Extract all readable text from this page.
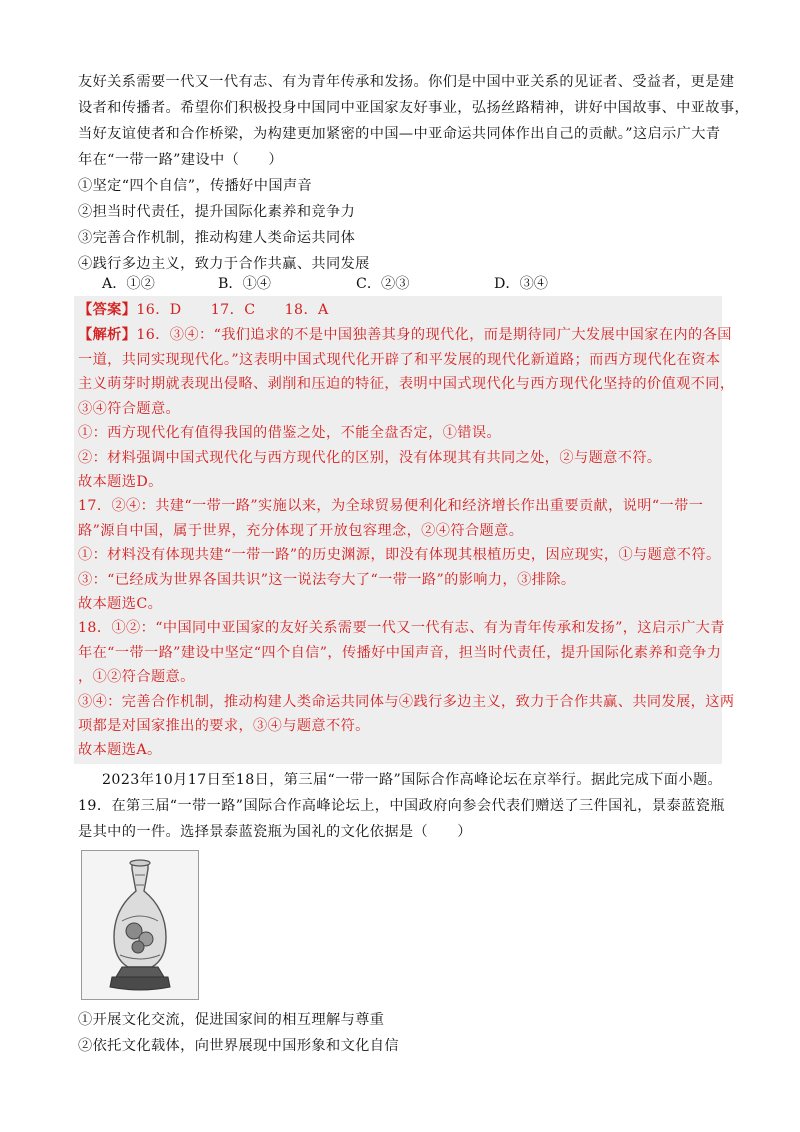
友好关系需要一代又一代有志、有为青年传承和发扬。你们是中国中亚关系的见证者、受益者，更是建
设者和传播者。希望你们积极投身中国同中亚国家友好事业，弘扬丝路精神，讲好中国故事、中亚故事，
当好友谊使者和合作桥梁，为构建更加紧密的中国—中亚命运共同体作出自己的贡献。”这启示广大青
年在“一带一路”建设中（　　）
①坚定“四个自信”，传播好中国声音
②担当时代责任，提升国际化素养和竞争力
③完善合作机制，推动构建人类命运共同体
④践行多边主义，致力于合作共赢、共同发展
A．①②	B．①④	C．②③	D．③④
【答案】16．D　　17．C　　18．A
【解析】16．③④：“我们追求的不是中国独善其身的现代化，而是期待同广大发展中国家在内的各国
一道，共同实现现代化。”这表明中国式现代化开辟了和平发展的现代化新道路；而西方现代化在资本
主义萌芽时期就表现出侵略、剥削和压迫的特征，表明中国式现代化与西方现代化坚持的价值观不同，
③④符合题意。
①：西方现代化有值得我国的借鉴之处，不能全盘否定，①错误。
②：材料强调中国式现代化与西方现代化的区别，没有体现其有共同之处，②与题意不符。
故本题选D。
17．②④：共建“一带一路”实施以来，为全球贸易便利化和经济增长作出重要贡献，说明“一带一
路”源自中国，属于世界，充分体现了开放包容理念，②④符合题意。
①：材料没有体现共建“一带一路”的历史渊源，即没有体现其根植历史，因应现实，①与题意不符。
③：“已经成为世界各国共识”这一说法夸大了“一带一路”的影响力，③排除。
故本题选C。
18．①②：“中国同中亚国家的友好关系需要一代又一代有志、有为青年传承和发扬”，这启示广大青
年在“一带一路”建设中坚定“四个自信”，传播好中国声音，担当时代责任，提升国际化素养和竞争力
，①②符合题意。
③④：完善合作机制，推动构建人类命运共同体与④践行多边主义，致力于合作共赢、共同发展，这两
项都是对国家推出的要求，③④与题意不符。
2023年10月17日至18日，第三届“一带一路”国际合作高峰论坛在京举行。据此完成下面小题。
19．在第三届“一带一路”国际合作高峰论坛上，中国政府向参会代表们赠送了三件国礼，景泰蓝瓷瓶
是其中的一件。选择景泰蓝瓷瓶为国礼的文化依据是（　　）
①开展文化交流，促进国家间的相互理解与尊重
②依托文化载体，向世界展现中国形象和文化自信
故本题选A。
